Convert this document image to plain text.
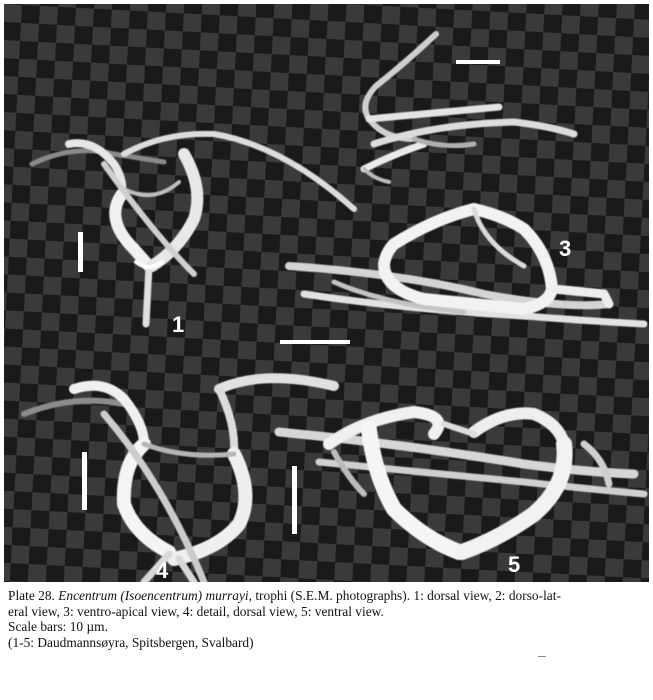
1
3
4	5

Plate 28. Encentrum (Isoencentrum) murrayi, trophi (S.E.M. photographs). 1: dorsal view, 2: dorso-lat-

eral view, 3: ventro-apical view, 4: detail, dorsal view, 5: ventral view.

Scale bars: 10 µm.

(1-5: Daudmannsøyra, Spitsbergen, Svalbard)
